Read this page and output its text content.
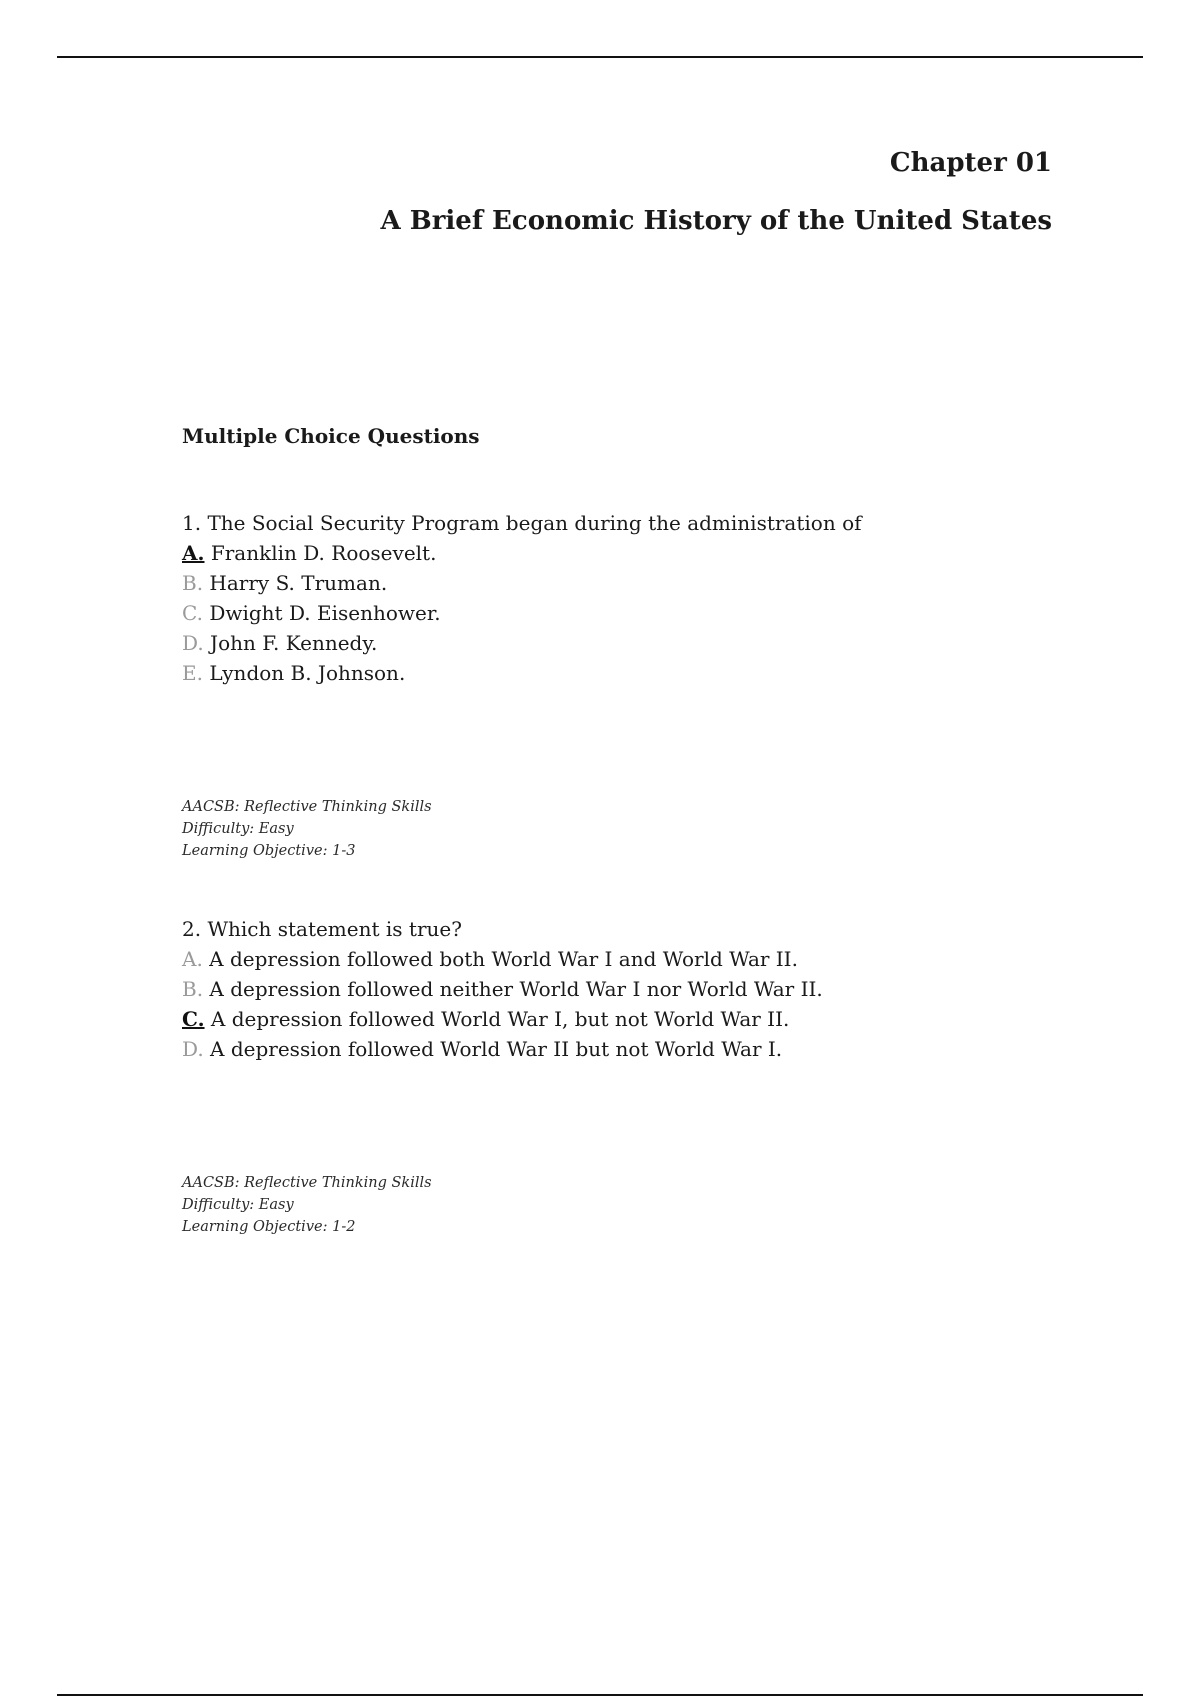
Chapter 01

A Brief Economic History of the United States

Multiple Choice Questions

1. The Social Security Program began during the administration of

A. Franklin D. Roosevelt.

B. Harry S. Truman.

C. Dwight D. Eisenhower.

D. John F. Kennedy.

E. Lyndon B. Johnson.

AACSB: Reflective Thinking Skills

Difficulty: Easy

Learning Objective: 1-3

2. Which statement is true?

A. A depression followed both World War I and World War II.

B. A depression followed neither World War I nor World War II.

C. A depression followed World War I, but not World War II.

D. A depression followed World War II but not World War I.

AACSB: Reflective Thinking Skills

Difficulty: Easy

Learning Objective: 1-2
